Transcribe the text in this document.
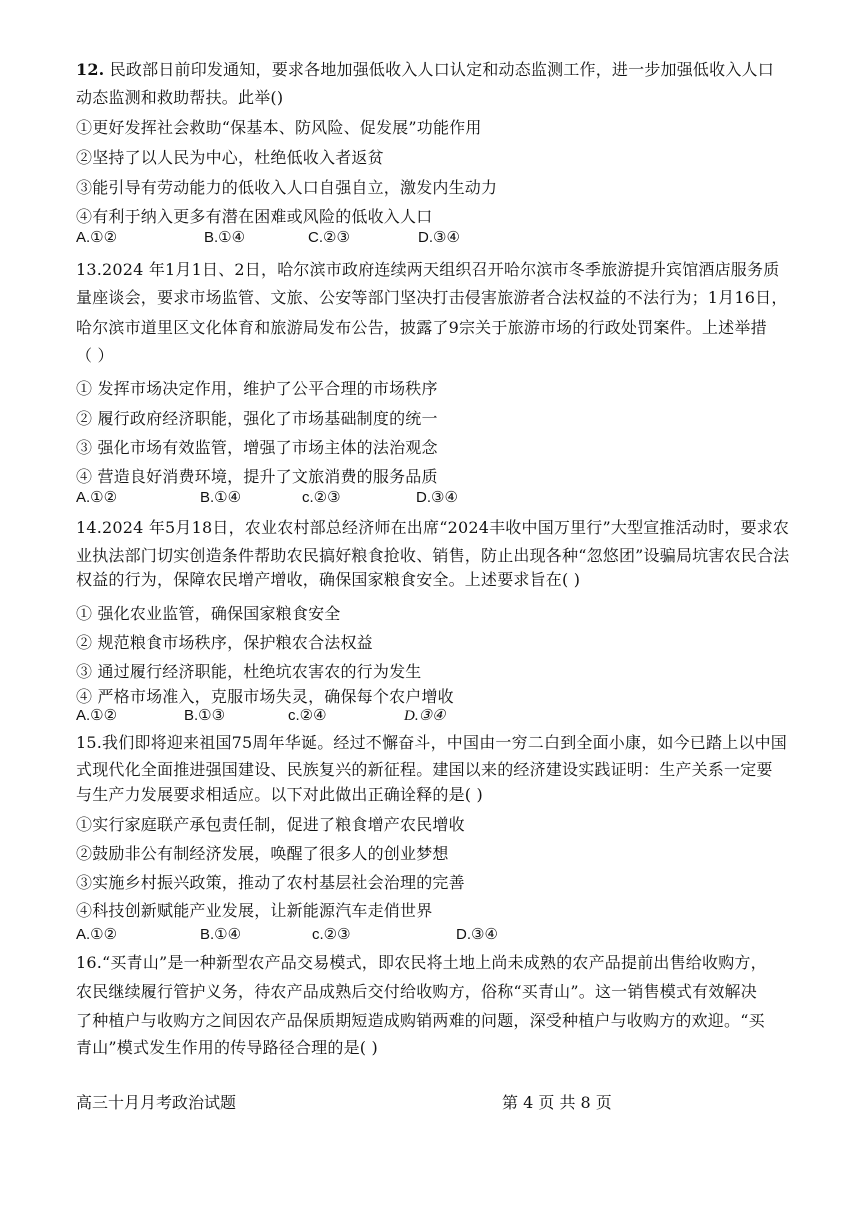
12. 民政部日前印发通知，要求各地加强低收入人口认定和动态监测工作，进一步加强低收入人口
动态监测和救助帮扶。此举()
①更好发挥社会救助“保基本、防风险、促发展”功能作用
②坚持了以人民为中心，杜绝低收入者返贫
③能引导有劳动能力的低收入人口自强自立，激发内生动力
④有利于纳入更多有潜在困难或风险的低收入人口
A.①②	B.①④	C.②③	D.③④
13.2024 年1月1日、2日，哈尔滨市政府连续两天组织召开哈尔滨市冬季旅游提升宾馆酒店服务质
量座谈会，要求市场监管、文旅、公安等部门坚决打击侵害旅游者合法权益的不法行为；1月16日，
哈尔滨市道里区文化体育和旅游局发布公告，披露了9宗关于旅游市场的行政处罚案件。上述举措
（ ）
① 发挥市场决定作用，维护了公平合理的市场秩序
② 履行政府经济职能，强化了市场基础制度的统一
③ 强化市场有效监管，增强了市场主体的法治观念
④ 营造良好消费环境，提升了文旅消费的服务品质
A.①②	B.①④	c.②③	D.③④
14.2024 年5月18日，农业农村部总经济师在出席“2024丰收中国万里行”大型宣推活动时，要求农
业执法部门切实创造条件帮助农民搞好粮食抢收、销售，防止出现各种“忽悠团”设骗局坑害农民合法
权益的行为，保障农民增产增收，确保国家粮食安全。上述要求旨在( )
① 强化农业监管，确保国家粮食安全
② 规范粮食市场秩序，保护粮农合法权益
③ 通过履行经济职能，杜绝坑农害农的行为发生
④ 严格市场准入，克服市场失灵，确保每个农户增收
A.①②	B.①③	c.②④	D.③④
15.我们即将迎来祖国75周年华诞。经过不懈奋斗，中国由一穷二白到全面小康，如今已踏上以中国
式现代化全面推进强国建设、民族复兴的新征程。建国以来的经济建设实践证明：生产关系一定要
与生产力发展要求相适应。以下对此做出正确诠释的是( )
①实行家庭联产承包责任制，促进了粮食增产农民增收
②鼓励非公有制经济发展，唤醒了很多人的创业梦想
③实施乡村振兴政策，推动了农村基层社会治理的完善
④科技创新赋能产业发展，让新能源汽车走俏世界
A.①②	B.①④	c.②③	D.③④
16.“买青山”是一种新型农产品交易模式，即农民将土地上尚未成熟的农产品提前出售给收购方，
农民继续履行管护义务，待农产品成熟后交付给收购方，俗称“买青山”。这一销售模式有效解决
了种植户与收购方之间因农产品保质期短造成购销两难的问题，深受种植户与收购方的欢迎。“买
青山”模式发生作用的传导路径合理的是( )
高三十月月考政治试题	第 4 页 共 8 页
